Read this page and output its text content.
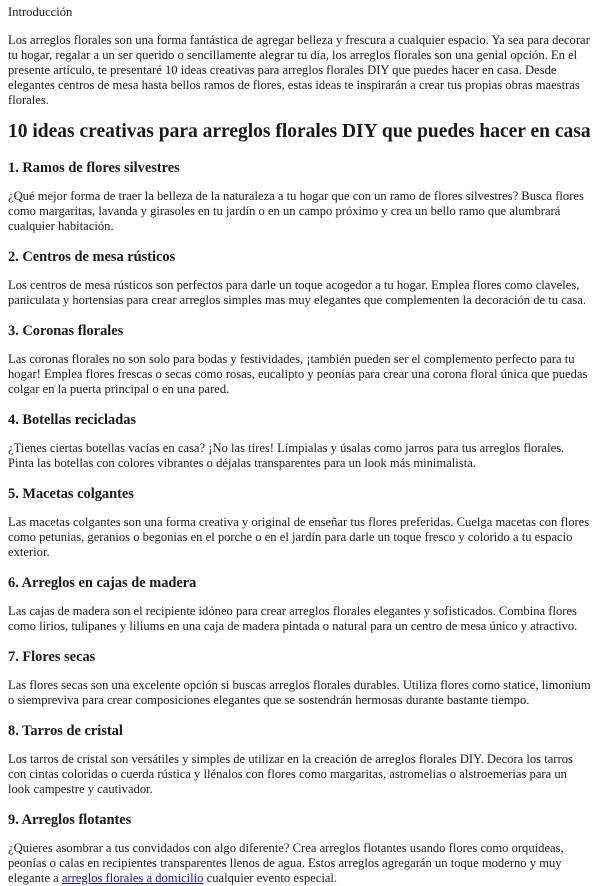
Introducción

Los arreglos florales son una forma fantástica de agregar belleza y frescura a cualquier espacio. Ya sea para decorar tu hogar, regalar a un ser querido o sencillamente alegrar tu día, los arreglos florales son una genial opción. En el presente artículo, te presentaré 10 ideas creativas para arreglos florales DIY que puedes hacer en casa. Desde elegantes centros de mesa hasta bellos ramos de flores, estas ideas te inspirarán a crear tus propias obras maestras florales.

10 ideas creativas para arreglos florales DIY que puedes hacer en casa
1. Ramos de flores silvestres

¿Qué mejor forma de traer la belleza de la naturaleza a tu hogar que con un ramo de flores silvestres? Busca flores como margaritas, lavanda y girasoles en tu jardín o en un campo próximo y crea un bello ramo que alumbrará cualquier habitación.

2. Centros de mesa rústicos

Los centros de mesa rústicos son perfectos para darle un toque acogedor a tu hogar. Emplea flores como claveles, paniculata y hortensias para crear arreglos simples mas muy elegantes que complementen la decoración de tu casa.

3. Coronas florales

Las coronas florales no son solo para bodas y festividades, ¡también pueden ser el complemento perfecto para tu hogar! Emplea flores frescas o secas como rosas, eucalipto y peonías para crear una corona floral única que puedas colgar en la puerta principal o en una pared.

4. Botellas recicladas

¿Tienes ciertas botellas vacías en casa? ¡No las tires! Límpialas y úsalas como jarros para tus arreglos florales. Pinta las botellas con colores vibrantes o déjalas transparentes para un look más minimalista.

5. Macetas colgantes

Las macetas colgantes son una forma creativa y original de enseñar tus flores preferidas. Cuelga macetas con flores como petunias, geranios o begonias en el porche o en el jardín para darle un toque fresco y colorido a tu espacio exterior.

6. Arreglos en cajas de madera

Las cajas de madera son el recipiente idóneo para crear arreglos florales elegantes y sofisticados. Combina flores como lirios, tulipanes y liliums en una caja de madera pintada o natural para un centro de mesa único y atractivo.

7. Flores secas

Las flores secas son una excelente opción si buscas arreglos florales durables. Utiliza flores como statice, limonium o siempreviva para crear composiciones elegantes que se sostendrán hermosas durante bastante tiempo.

8. Tarros de cristal

Los tarros de cristal son versátiles y simples de utilizar en la creación de arreglos florales DIY. Decora los tarros con cintas coloridas o cuerda rústica y llénalos con flores como margaritas, astromelias o alstroemerias para un look campestre y cautivador.

9. Arreglos flotantes

¿Quieres asombrar a tus convidados con algo diferente? Crea arreglos flotantes usando flores como orquídeas, peonías o calas en recipientes transparentes llenos de agua. Estos arreglos agregarán un toque moderno y muy elegante a arreglos florales a domicilio cualquier evento especial.
